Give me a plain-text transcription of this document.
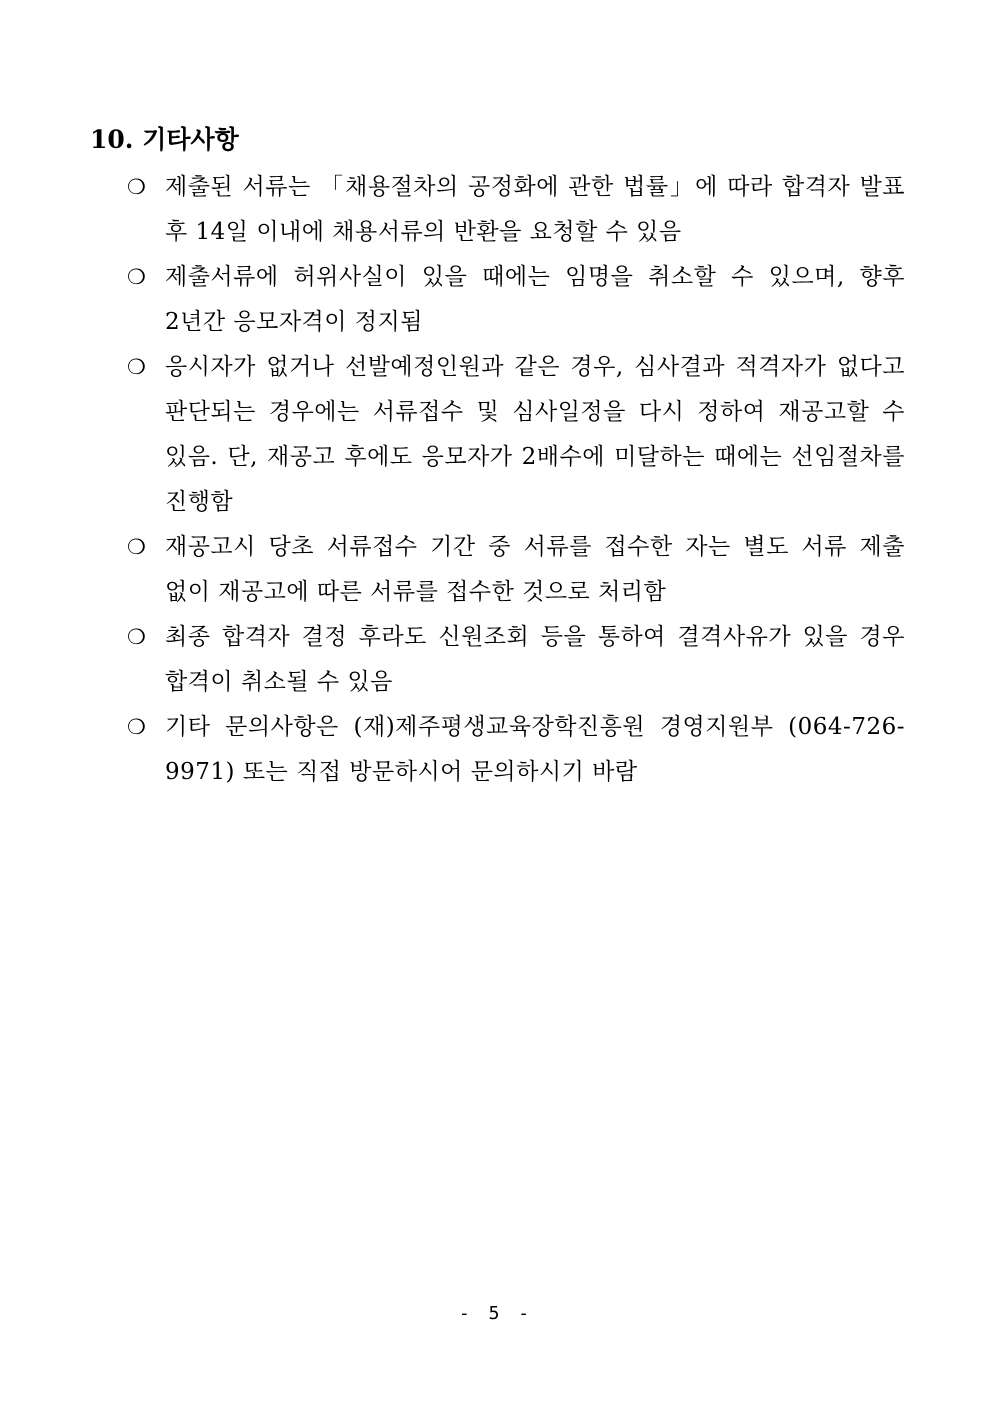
10. 기타사항
❍ 제출된 서류는 「채용절차의 공정화에 관한 법률」에 따라 합격자 발표 후 14일 이내에 채용서류의 반환을 요청할 수 있음
❍ 제출서류에 허위사실이 있을 때에는 임명을 취소할 수 있으며, 향후 2년간 응모자격이 정지됨
❍ 응시자가 없거나 선발예정인원과 같은 경우, 심사결과 적격자가 없다고 판단되는 경우에는 서류접수 및 심사일정을 다시 정하여 재공고할 수 있음. 단, 재공고 후에도 응모자가 2배수에 미달하는 때에는 선임절차를 진행함
❍ 재공고시 당초 서류접수 기간 중 서류를 접수한 자는 별도 서류 제출 없이 재공고에 따른 서류를 접수한 것으로 처리함
❍ 최종 합격자 결정 후라도 신원조회 등을 통하여 결격사유가 있을 경우 합격이 취소될 수 있음
❍ 기타 문의사항은 (재)제주평생교육장학진흥원 경영지원부 (064-726-9971) 또는 직접 방문하시어 문의하시기 바람
- 5 -
